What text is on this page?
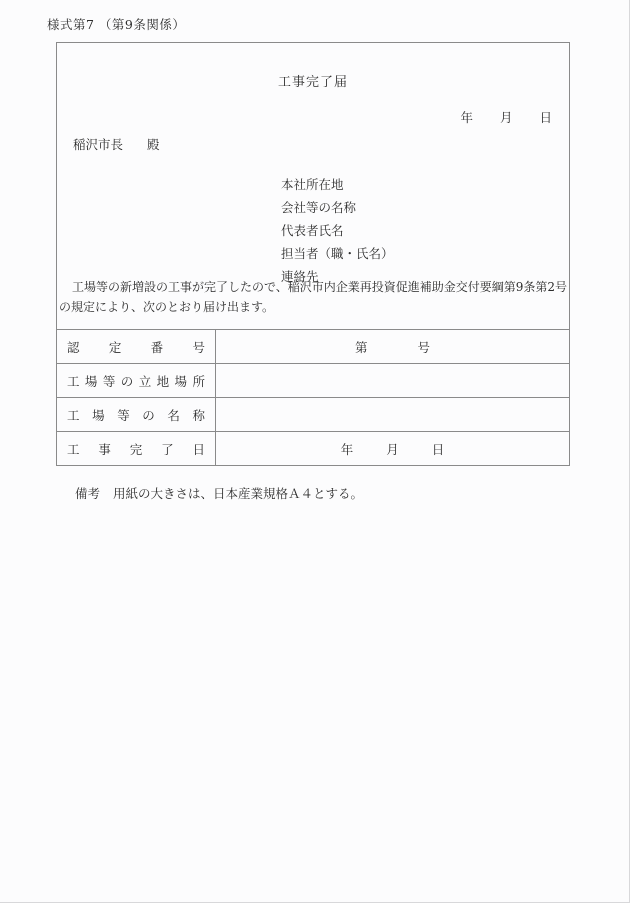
様式第7 （第9条関係）
工事完了届
年 月 日
稲沢市長 殿
本社所在地
会社等の名称
代表者氏名
担当者（職・氏名）
連絡先
工場等の新増設の工事が完了したので、稲沢市内企業再投資促進補助金交付要綱第9条第2号
の規定により、次のとおり届け出ます。
認 定 番 号	第 号

工 場 等 の 立 地 場 所

工 場 等 の 名 称

工 事 完 了 日	年 月 日
備考 用紙の大きさは、日本産業規格Ａ４とする。
